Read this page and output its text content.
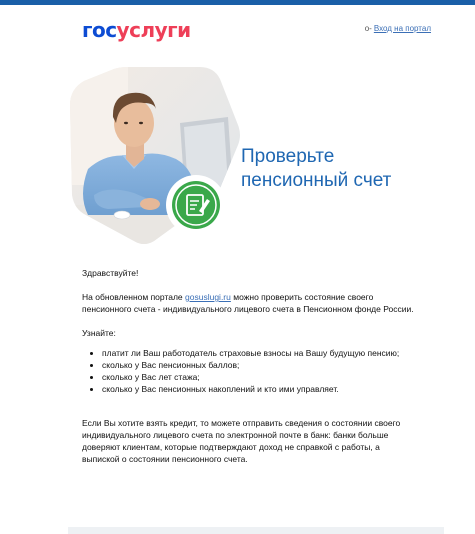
госуслуги	o- Вход на портал
Проверьте
пенсионный счет

Здравствуйте!

На обновленном портале gosuslugi.ru можно проверить состояние своего пенсионного счета - индивидуального лицевого счета в Пенсионном фонде России.

Узнайте:

• платит ли Ваш работодатель страховые взносы на Вашу будущую пенсию;
• сколько у Вас пенсионных баллов;
• сколько у Вас лет стажа;
• сколько у Вас пенсионных накоплений и кто ими управляет.

Если Вы хотите взять кредит, то можете отправить сведения о состоянии своего индивидуального лицевого счета по электронной почте в банк: банки больше доверяют клиентам, которые подтверждают доход не справкой с работы, а выпиской о состоянии пенсионного счета.
